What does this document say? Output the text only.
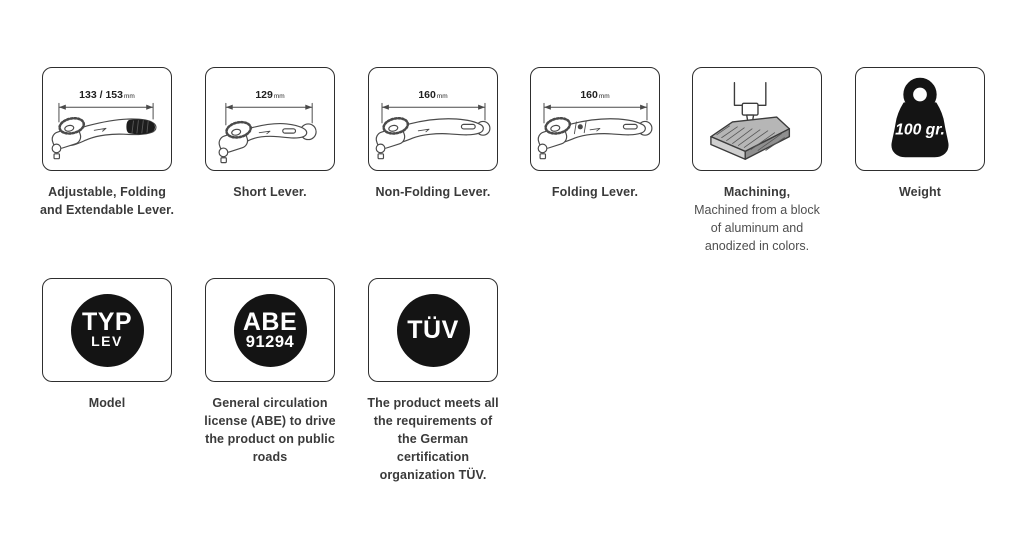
133 / 153mm
Adjustable, Folding
and Extendable Lever.
129mm
Short Lever.
160mm
Non-Folding Lever.
160mm
Folding Lever.	Machining,
Machined from a block
of aluminum and
anodized in colors.
100 gr.
Weight
TYP
LEV
Model
ABE
91294
General circulation
license (ABE) to drive
the product on public
roads
TÜV
The product meets all
the requirements of
the German
certification
organization TÜV.
